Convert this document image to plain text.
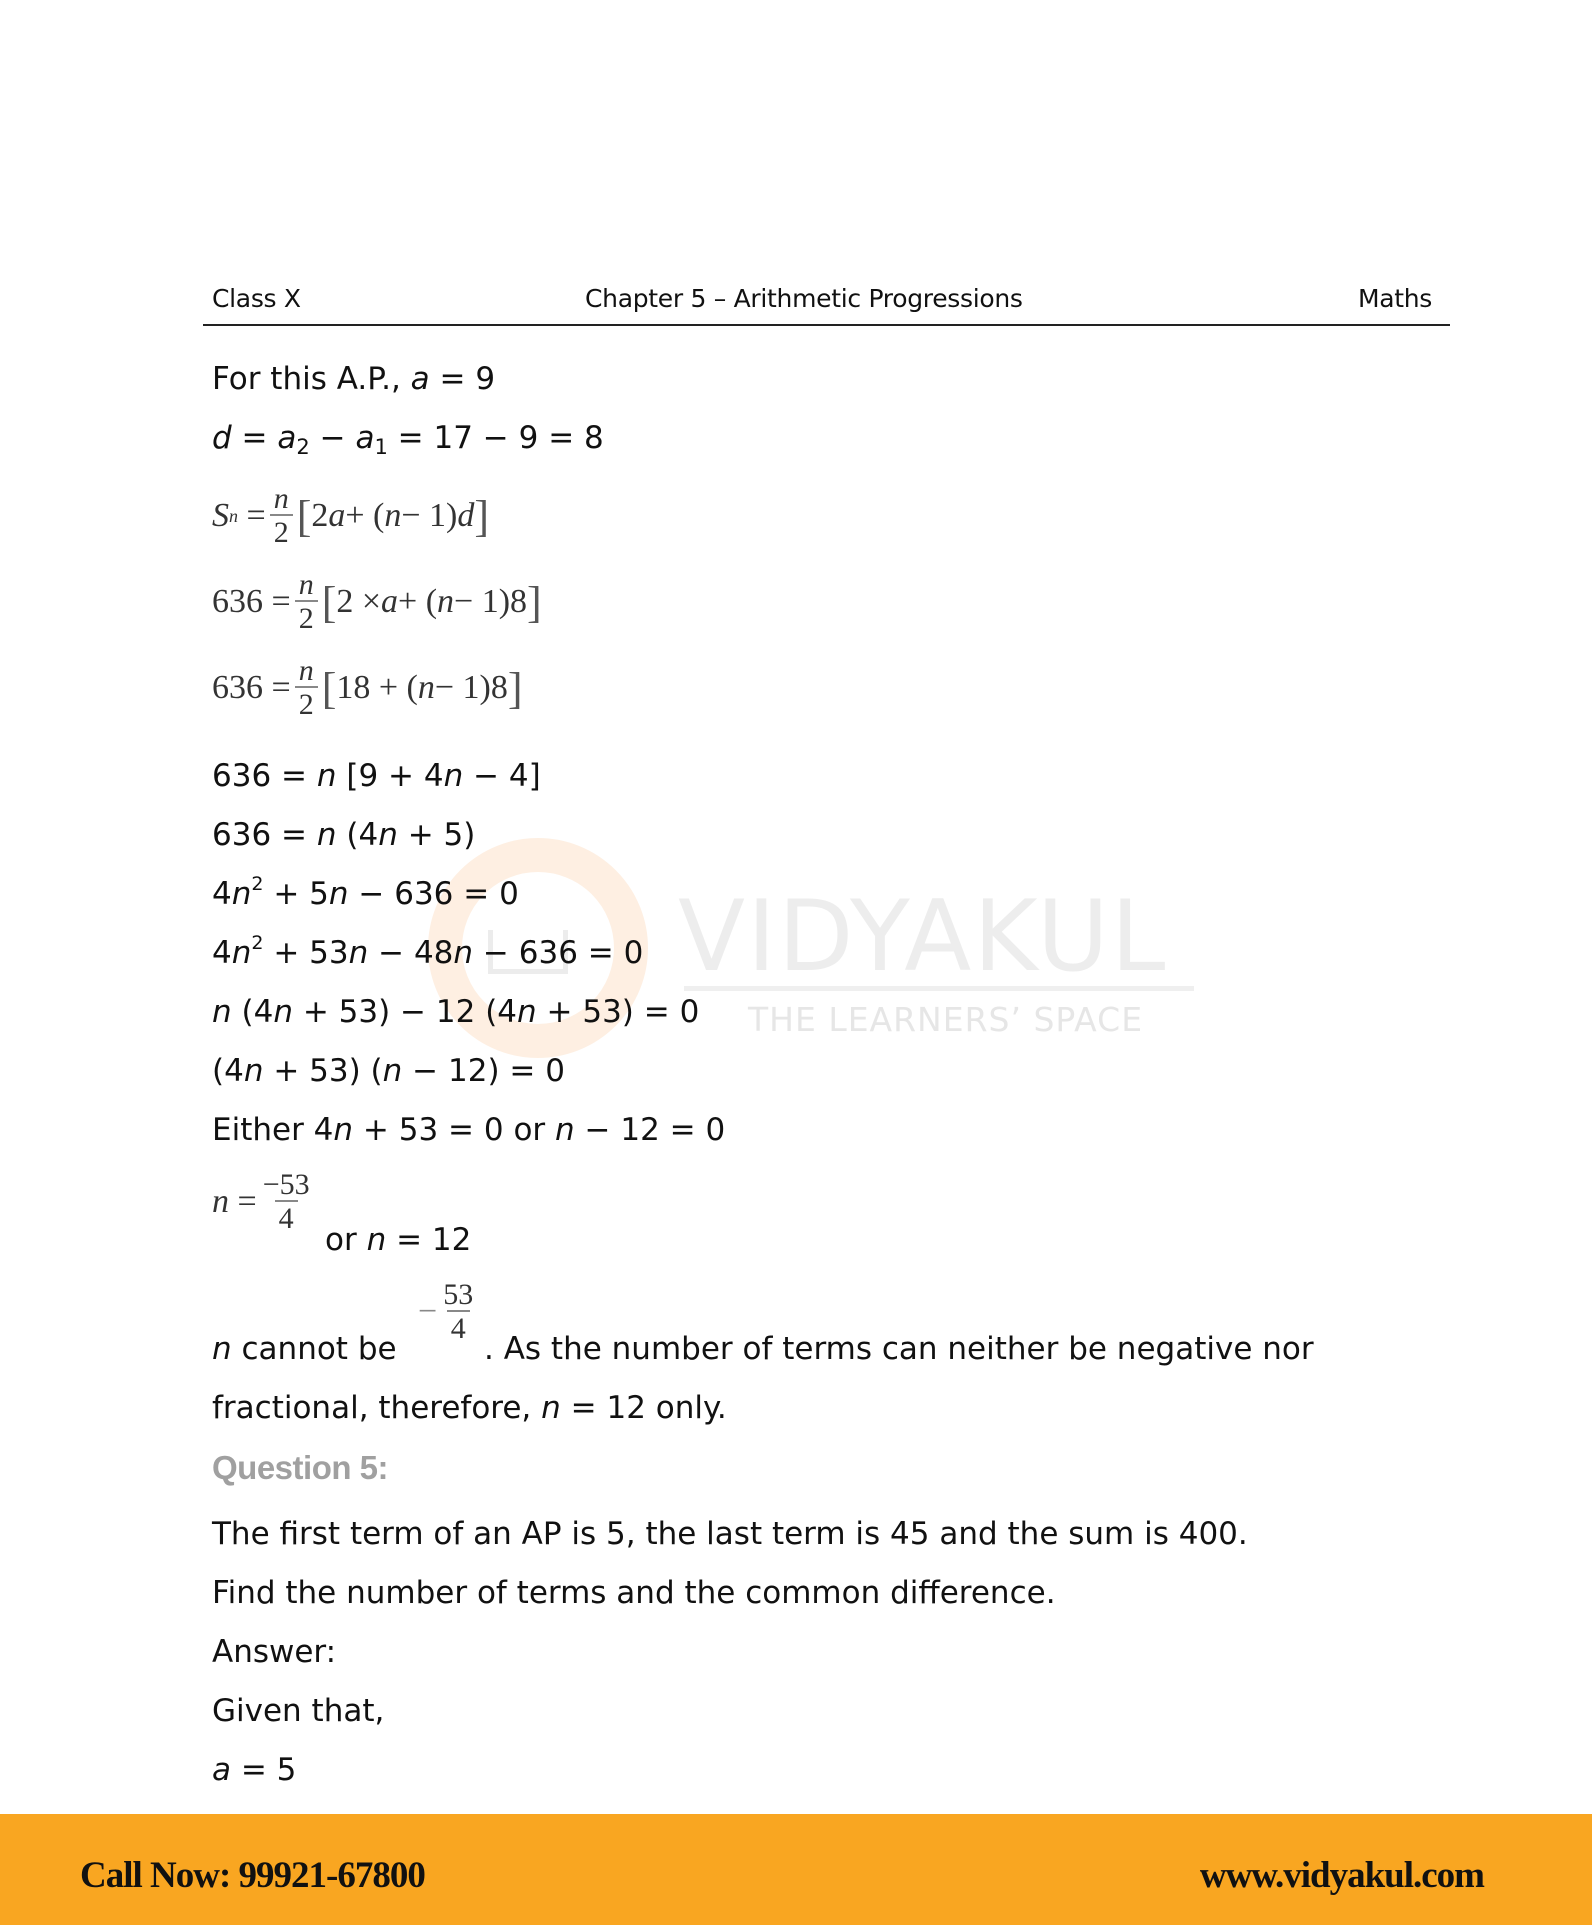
VIDYAKUL
THE LEARNERS’ SPACE
Class X	Chapter 5 – Arithmetic Progressions	Maths
For this A.P., a = 9
$d = a_2 - a_1 = 17 - 9 = 8$
S $n = \frac{n}{2}$ [ 2 a + ( n − 1) d ]
$636 = \frac{n}{2}$ [ 2 × a + ( n − 1)8 ]
$636 = \frac{n}{2}$ [ 18 + ( n − 1)8 ]
636 = n [9 + 4n − 4]
636 = n (4n + 5)
$4n^2 + 5n - 636 = 0$
$4n^2 + 53n - 48n - 636 = 0$
n (4n + 53) − 12 (4n + 53) = 0
(4n + 53) (n − 12) = 0
Either 4n + 53 = 0 or n − 12 = 0
$n = \frac{-53}{4}$
or n = 12
n cannot be
− $\frac{53}{4}$
. As the number of terms can neither be negative nor
fractional, therefore, n = 12 only.
Question 5:
The first term of an AP is 5, the last term is 45 and the sum is 400.
Find the number of terms and the common difference.
Answer:
Given that,
a = 5
Call Now: 99921-67800	www.vidyakul.com
